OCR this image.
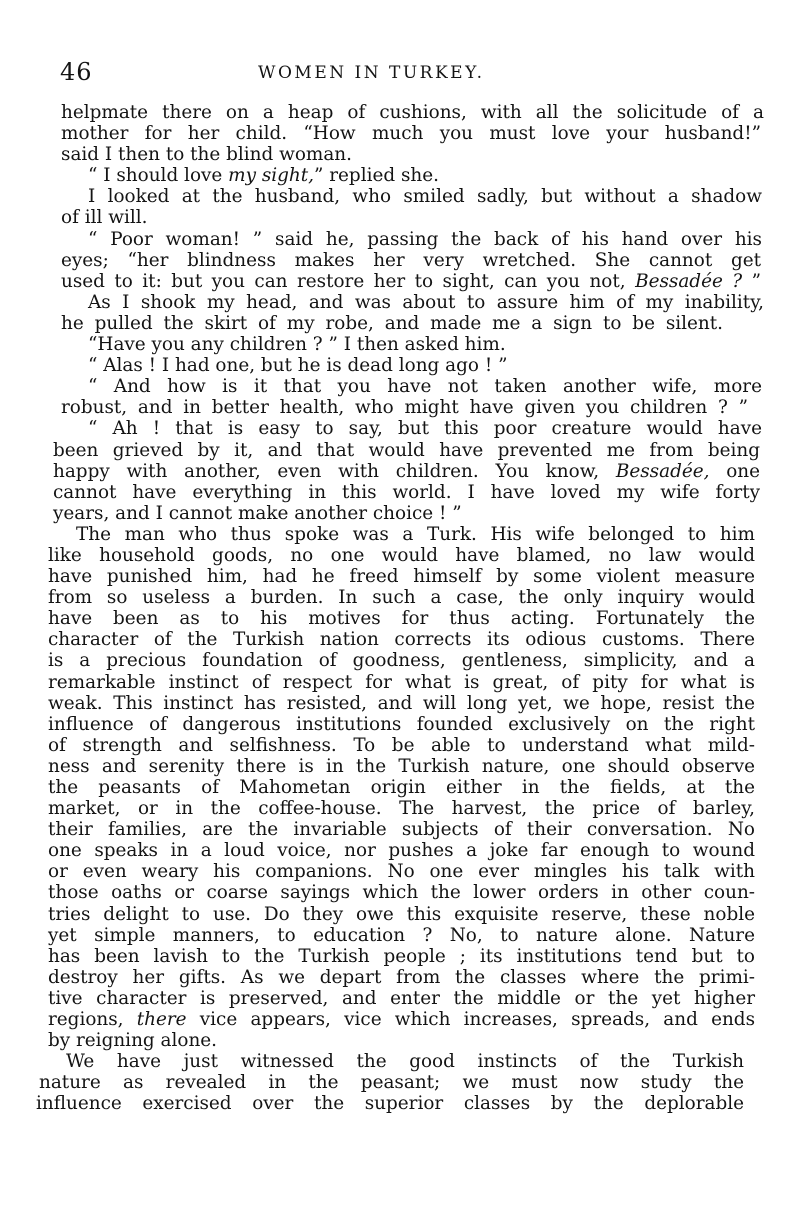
46	WOMEN IN TURKEY.
helpmate there on a heap of cushions, with all the solicitude of a
mother for her child. “How much you must love your husband!”
said I then to the blind woman.
“ I should love my sight,” replied she.
I looked at the husband, who smiled sadly, but without a shadow
of ill will.
“ Poor woman! ” said he, passing the back of his hand over his
eyes; “her blindness makes her very wretched. She cannot get
used to it: but you can restore her to sight, can you not, Bessadée ? ”
As I shook my head, and was about to assure him of my inability,
he pulled the skirt of my robe, and made me a sign to be silent.
“Have you any children ? ” I then asked him.
“ Alas ! I had one, but he is dead long ago ! ”
“ And how is it that you have not taken another wife, more
robust, and in better health, who might have given you children ? ”
“ Ah ! that is easy to say, but this poor creature would have
been grieved by it, and that would have prevented me from being
happy with another, even with children. You know, Bessadée, one
cannot have everything in this world. I have loved my wife forty
years, and I cannot make another choice ! ”
The man who thus spoke was a Turk. His wife belonged to him
like household goods, no one would have blamed, no law would
have punished him, had he freed himself by some violent measure
from so useless a burden. In such a case, the only inquiry would
have been as to his motives for thus acting. Fortunately the
character of the Turkish nation corrects its odious customs. There
is a precious foundation of goodness, gentleness, simplicity, and a
remarkable instinct of respect for what is great, of pity for what is
weak. This instinct has resisted, and will long yet, we hope, resist the
influence of dangerous institutions founded exclusively on the right
of strength and selfishness. To be able to understand what mild-
ness and serenity there is in the Turkish nature, one should observe
the peasants of Mahometan origin either in the fields, at the
market, or in the coffee-house. The harvest, the price of barley,
their families, are the invariable subjects of their conversation. No
one speaks in a loud voice, nor pushes a joke far enough to wound
or even weary his companions. No one ever mingles his talk with
those oaths or coarse sayings which the lower orders in other coun-
tries delight to use. Do they owe this exquisite reserve, these noble
yet simple manners, to education ? No, to nature alone. Nature
has been lavish to the Turkish people ; its institutions tend but to
destroy her gifts. As we depart from the classes where the primi-
tive character is preserved, and enter the middle or the yet higher
regions, there vice appears, vice which increases, spreads, and ends
by reigning alone.
We have just witnessed the good instincts of the Turkish
nature as revealed in the peasant; we must now study the
influence exercised over the superior classes by the deplorable
